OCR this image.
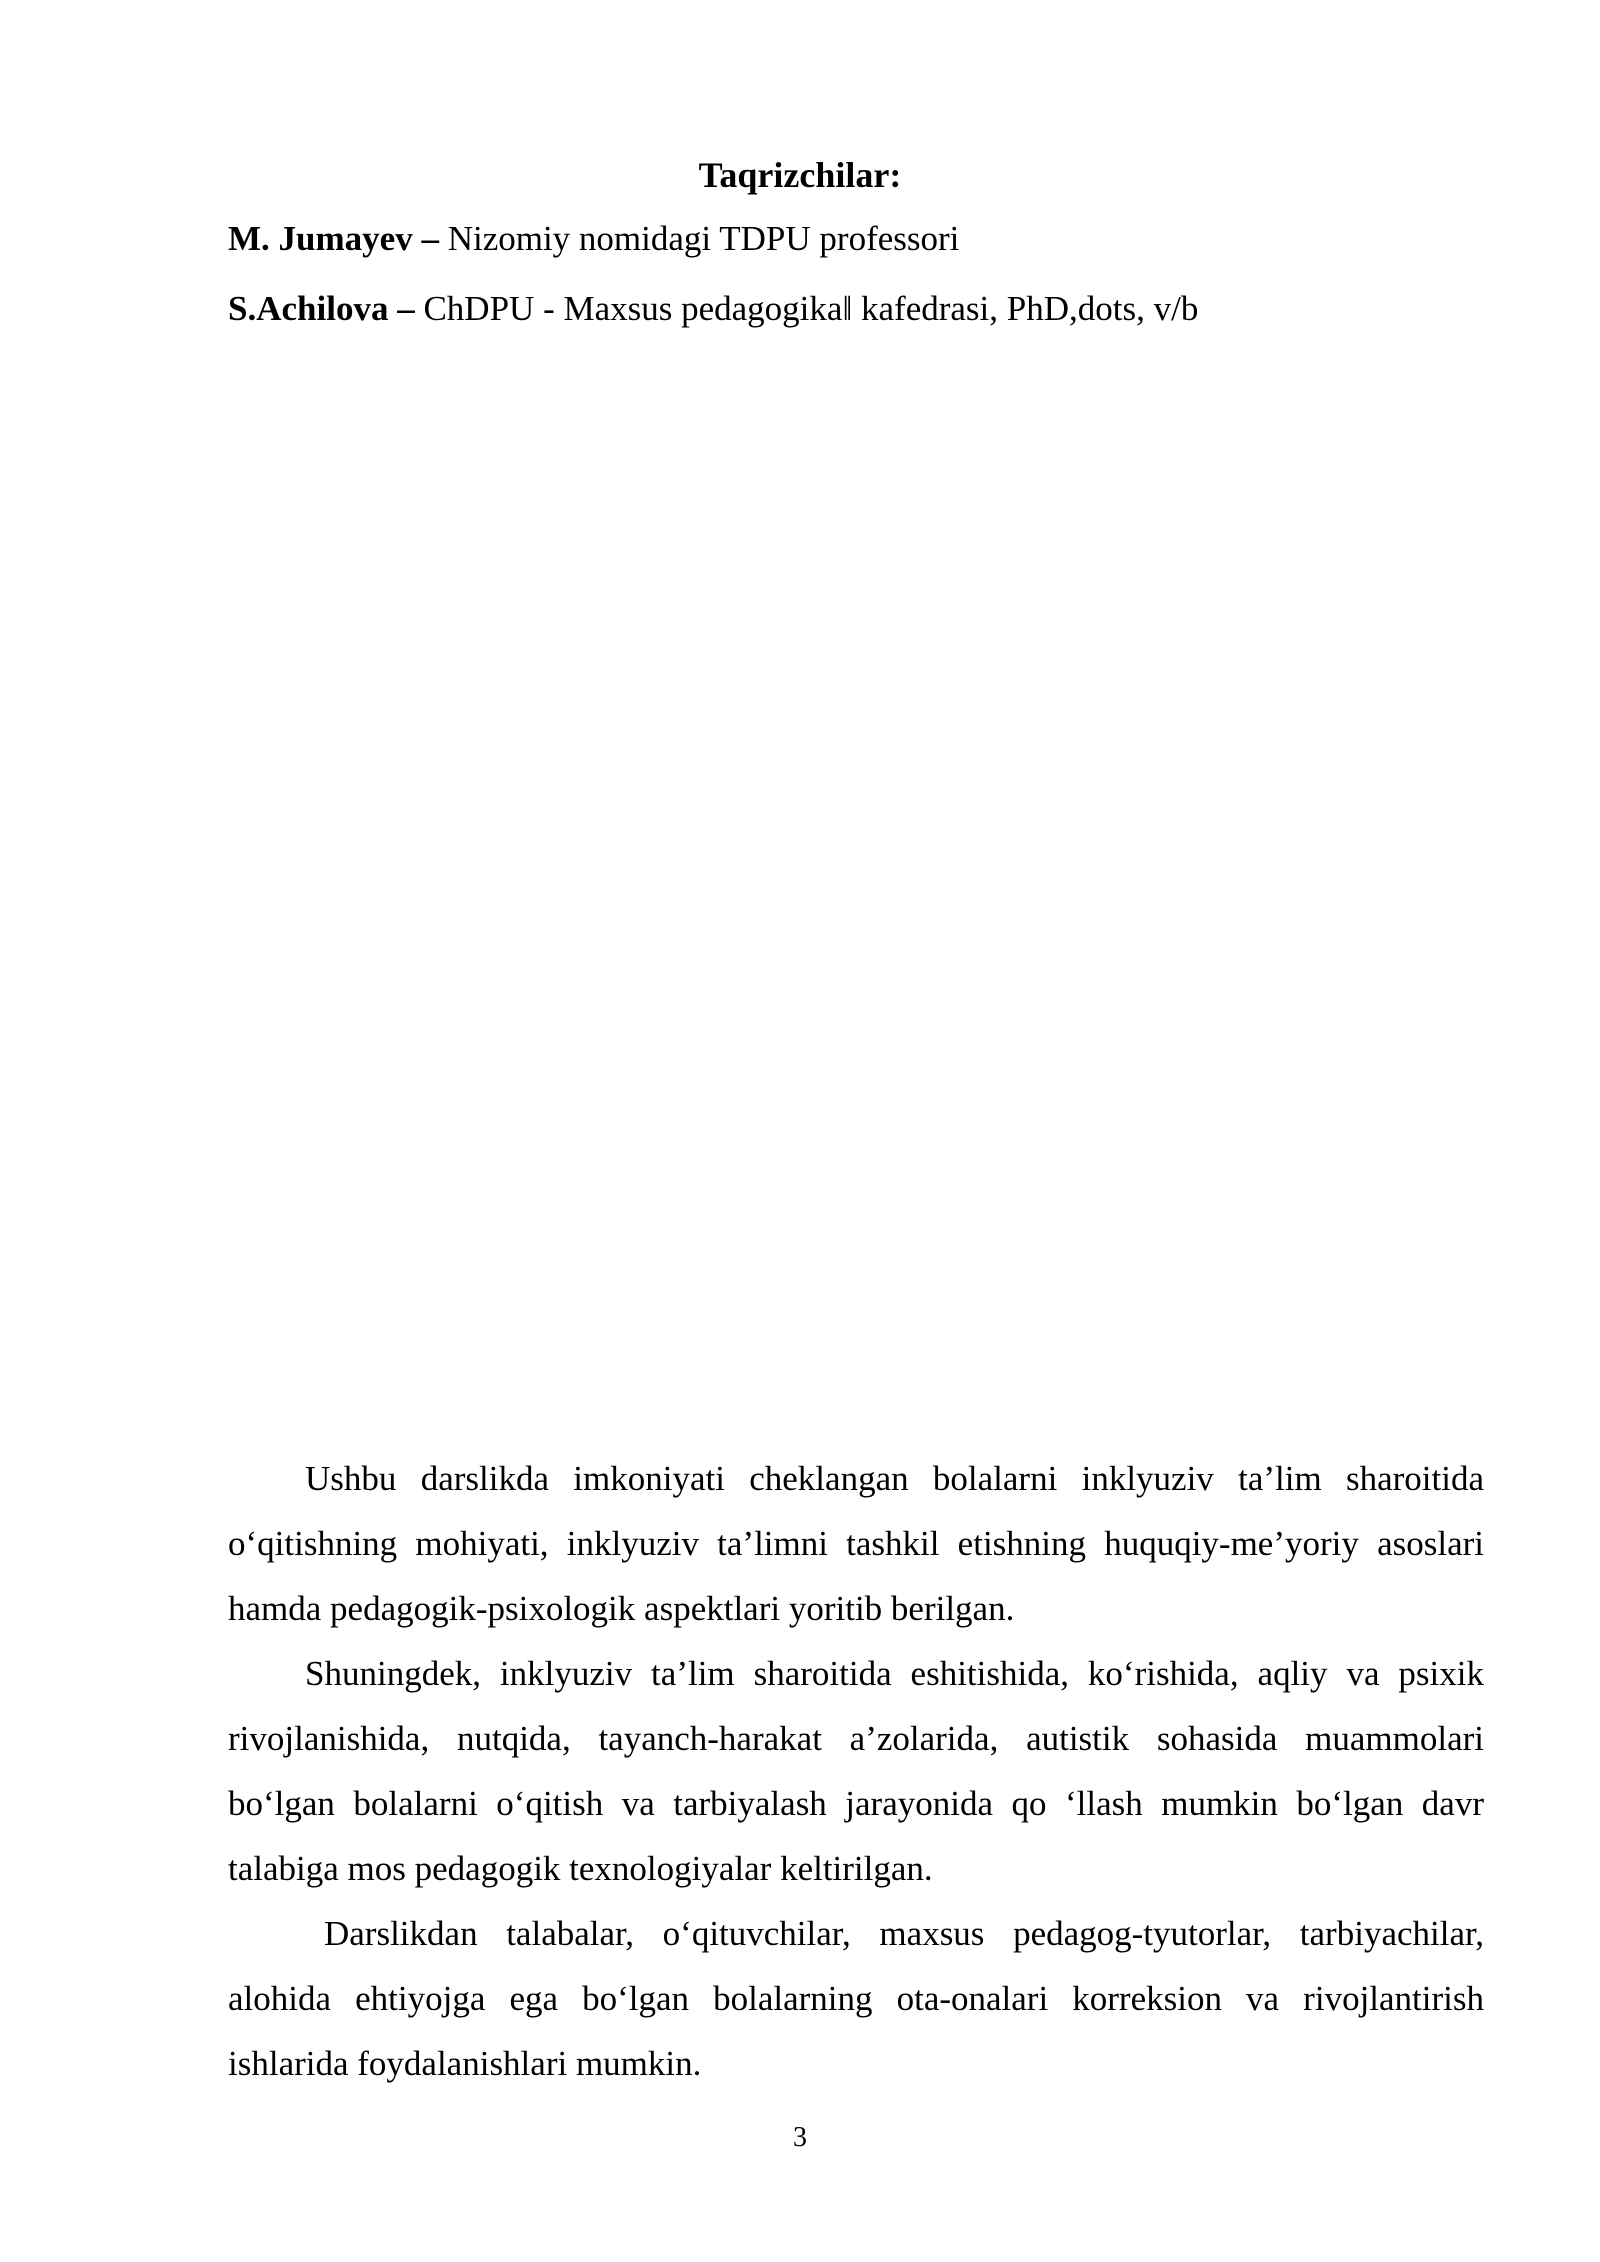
Taqrizchilar:
M. Jumayev – Nizomiy nomidagi TDPU professori
S.Achilova – ChDPU - Maxsus pedagogika‖ kafedrasi, PhD,dots, v/b

Ushbu darslikda imkoniyati cheklangan bolalarni inklyuziv ta’lim sharoitida o‘qitishning mohiyati, inklyuziv ta’limni tashkil etishning huquqiy-me’yoriy asoslari hamda pedagogik-psixologik aspektlari yoritib berilgan.

Shuningdek, inklyuziv ta’lim sharoitida eshitishida, ko‘rishida, aqliy va psixik rivojlanishida, nutqida, tayanch-harakat a’zolarida, autistik sohasida muammolari bo‘lgan bolalarni o‘qitish va tarbiyalash jarayonida qo ‘llash mumkin bo‘lgan davr talabiga mos pedagogik texnologiyalar keltirilgan.

Darslikdan talabalar, o‘qituvchilar, maxsus pedagog-tyutorlar, tarbiyachilar, alohida ehtiyojga ega bo‘lgan bolalarning ota-onalari korreksion va rivojlantirish ishlarida foydalanishlari mumkin.

3
